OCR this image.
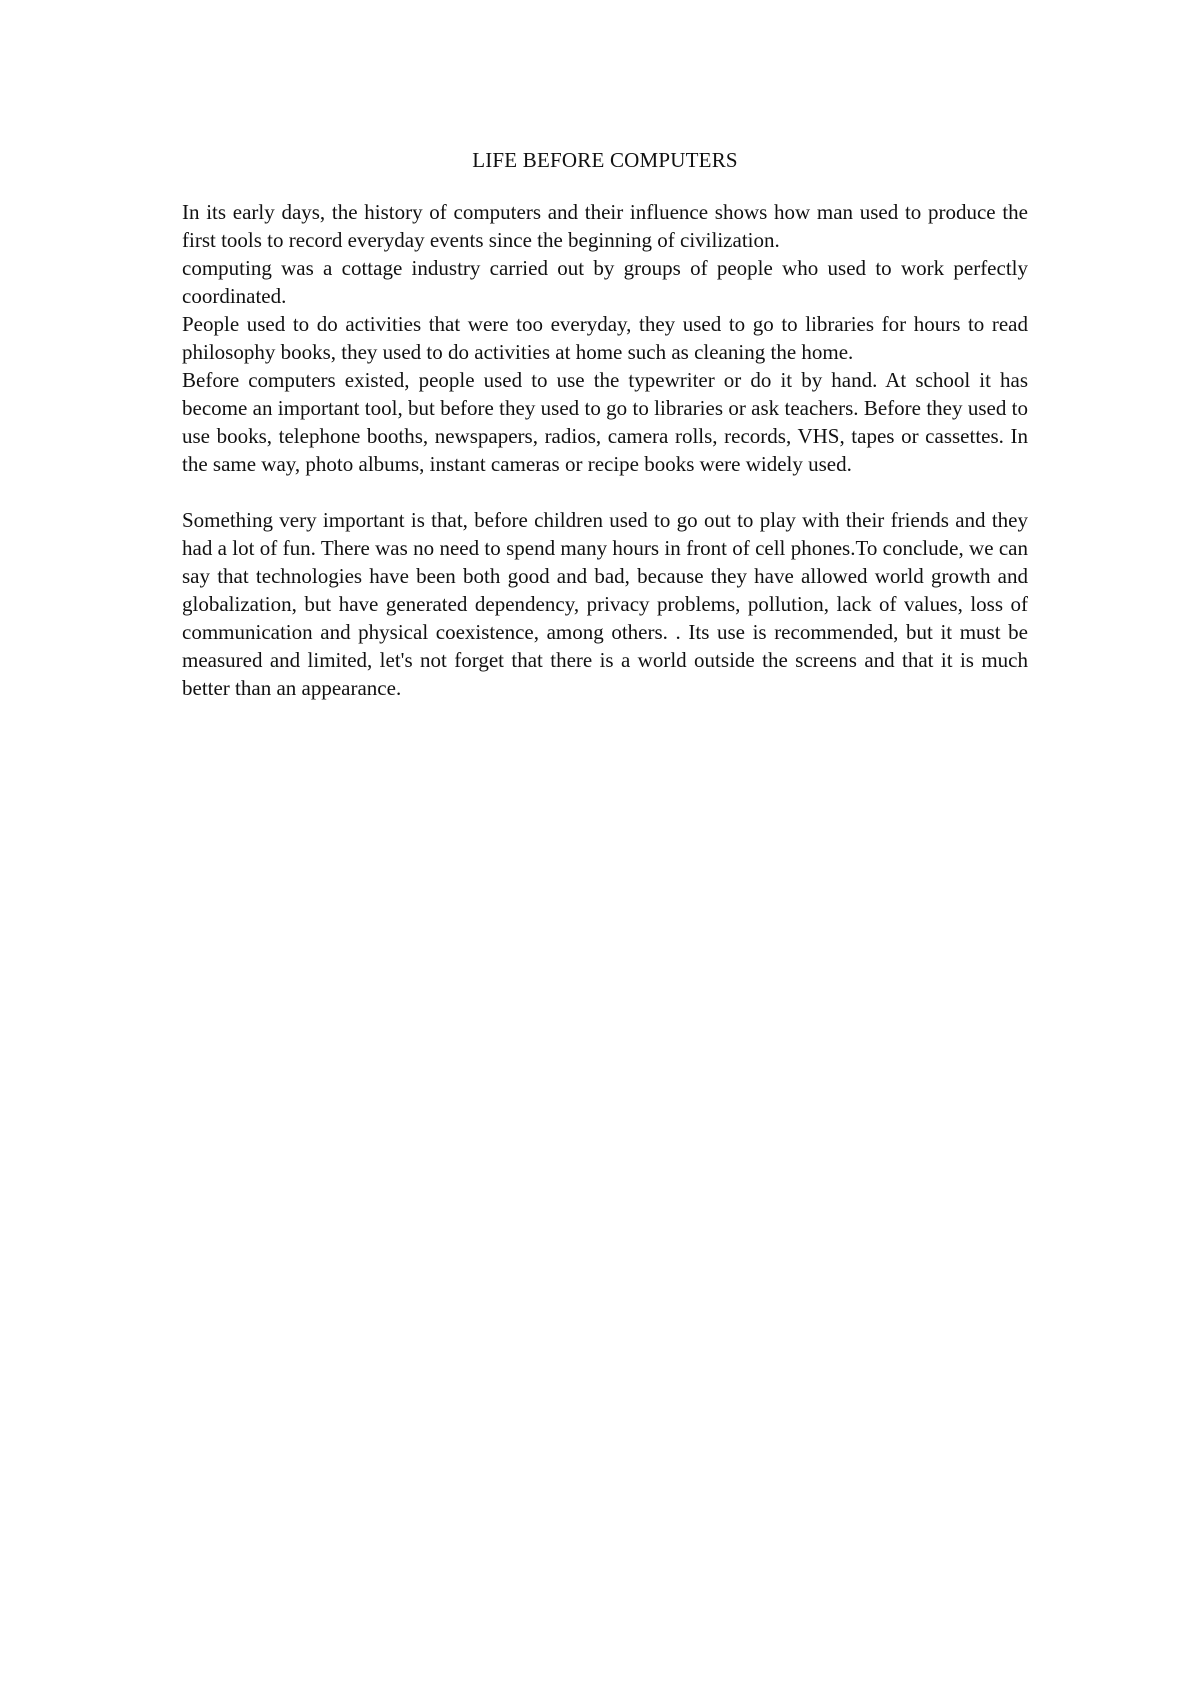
LIFE BEFORE COMPUTERS

In its early days, the history of computers and their influence shows how man used to produce the first tools to record everyday events since the beginning of civilization.

computing was a cottage industry carried out by groups of people who used to work perfectly coordinated.

People used to do activities that were too everyday, they used to go to libraries for hours to read philosophy books, they used to do activities at home such as cleaning the home.

Before computers existed, people used to use the typewriter or do it by hand. At school it has become an important tool, but before they used to go to libraries or ask teachers. Before they used to use books, telephone booths, newspapers, radios, camera rolls, records, VHS, tapes or cassettes. In the same way, photo albums, instant cameras or recipe books were widely used.

Something very important is that, before children used to go out to play with their friends and they had a lot of fun. There was no need to spend many hours in front of cell phones.To conclude, we can say that technologies have been both good and bad, because they have allowed world growth and globalization, but have generated dependency, privacy problems, pollution, lack of values, loss of communication and physical coexistence, among others. . Its use is recommended, but it must be measured and limited, let's not forget that there is a world outside the screens and that it is much better than an appearance.
